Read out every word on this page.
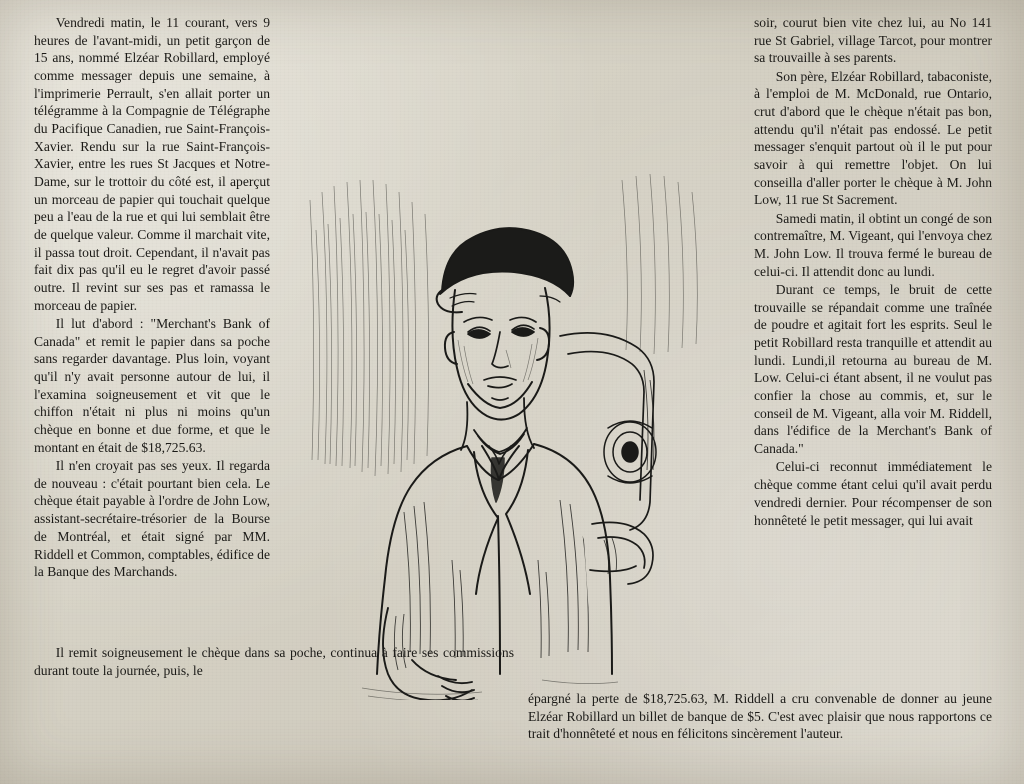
Vendredi matin, le 11 courant, vers 9 heures de l'avant-midi, un petit garçon de 15 ans, nommé Elzéar Robillard, employé comme messager depuis une semaine, à l'imprimerie Perrault, s'en allait porter un télégramme à la Compagnie de Télégraphe du Pacifique Canadien, rue Saint-François-Xavier. Rendu sur la rue Saint-François-Xavier, entre les rues St Jacques et Notre-Dame, sur le trottoir du côté est, il aperçut un morceau de papier qui touchait quelque peu a l'eau de la rue et qui lui semblait être de quelque valeur. Comme il marchait vite, il passa tout droit. Cependant, il n'avait pas fait dix pas qu'il eu le regret d'avoir passé outre. Il revint sur ses pas et ramassa le morceau de papier.

Il lut d'abord : "Merchant's Bank of Canada" et remit le papier dans sa poche sans regarder davantage. Plus loin, voyant qu'il n'y avait personne autour de lui, il l'examina soigneusement et vit que le chiffon n'était ni plus ni moins qu'un chèque en bonne et due forme, et que le montant en était de $18,725.63.

Il n'en croyait pas ses yeux. Il regarda de nouveau : c'était pourtant bien cela. Le chèque était payable à l'ordre de John Low, assistant-secrétaire-trésorier de la Bourse de Montréal, et était signé par MM. Riddell et Common, comptables, édifice de la Banque des Marchands.

Il remit soigneusement le chèque dans sa poche, continua à faire ses commissions durant toute la journée, puis, le

soir, courut bien vite chez lui, au No 141 rue St Gabriel, village Tarcot, pour montrer sa trouvaille à ses parents.

Son père, Elzéar Robillard, tabaconiste, à l'emploi de M. McDonald, rue Ontario, crut d'abord que le chèque n'était pas bon, attendu qu'il n'était pas endossé. Le petit messager s'enquit partout où il le put pour savoir à qui remettre l'objet. On lui conseilla d'aller porter le chèque à M. John Low, 11 rue St Sacrement.

Samedi matin, il obtint un congé de son contremaître, M. Vigeant, qui l'envoya chez M. John Low. Il trouva fermé le bureau de celui-ci. Il attendit donc au lundi.

Durant ce temps, le bruit de cette trouvaille se répandait comme une traînée de poudre et agitait fort les esprits. Seul le petit Robillard resta tranquille et attendit au lundi. Lundi,il retourna au bureau de M. Low. Celui-ci étant absent, il ne voulut pas confier la chose au commis, et, sur le conseil de M. Vigeant, alla voir M. Riddell, dans l'édifice de la Merchant's Bank of Canada."

Celui-ci reconnut immédiatement le chèque comme étant celui qu'il avait perdu vendredi dernier. Pour récompenser de son honnêteté le petit messager, qui lui avait

épargné la perte de $18,725.63, M. Riddell a cru convenable de donner au jeune Elzéar Robillard un billet de banque de $5. C'est avec plaisir que nous rapportons ce trait d'honnêteté et nous en félicitons sincèrement l'auteur.
